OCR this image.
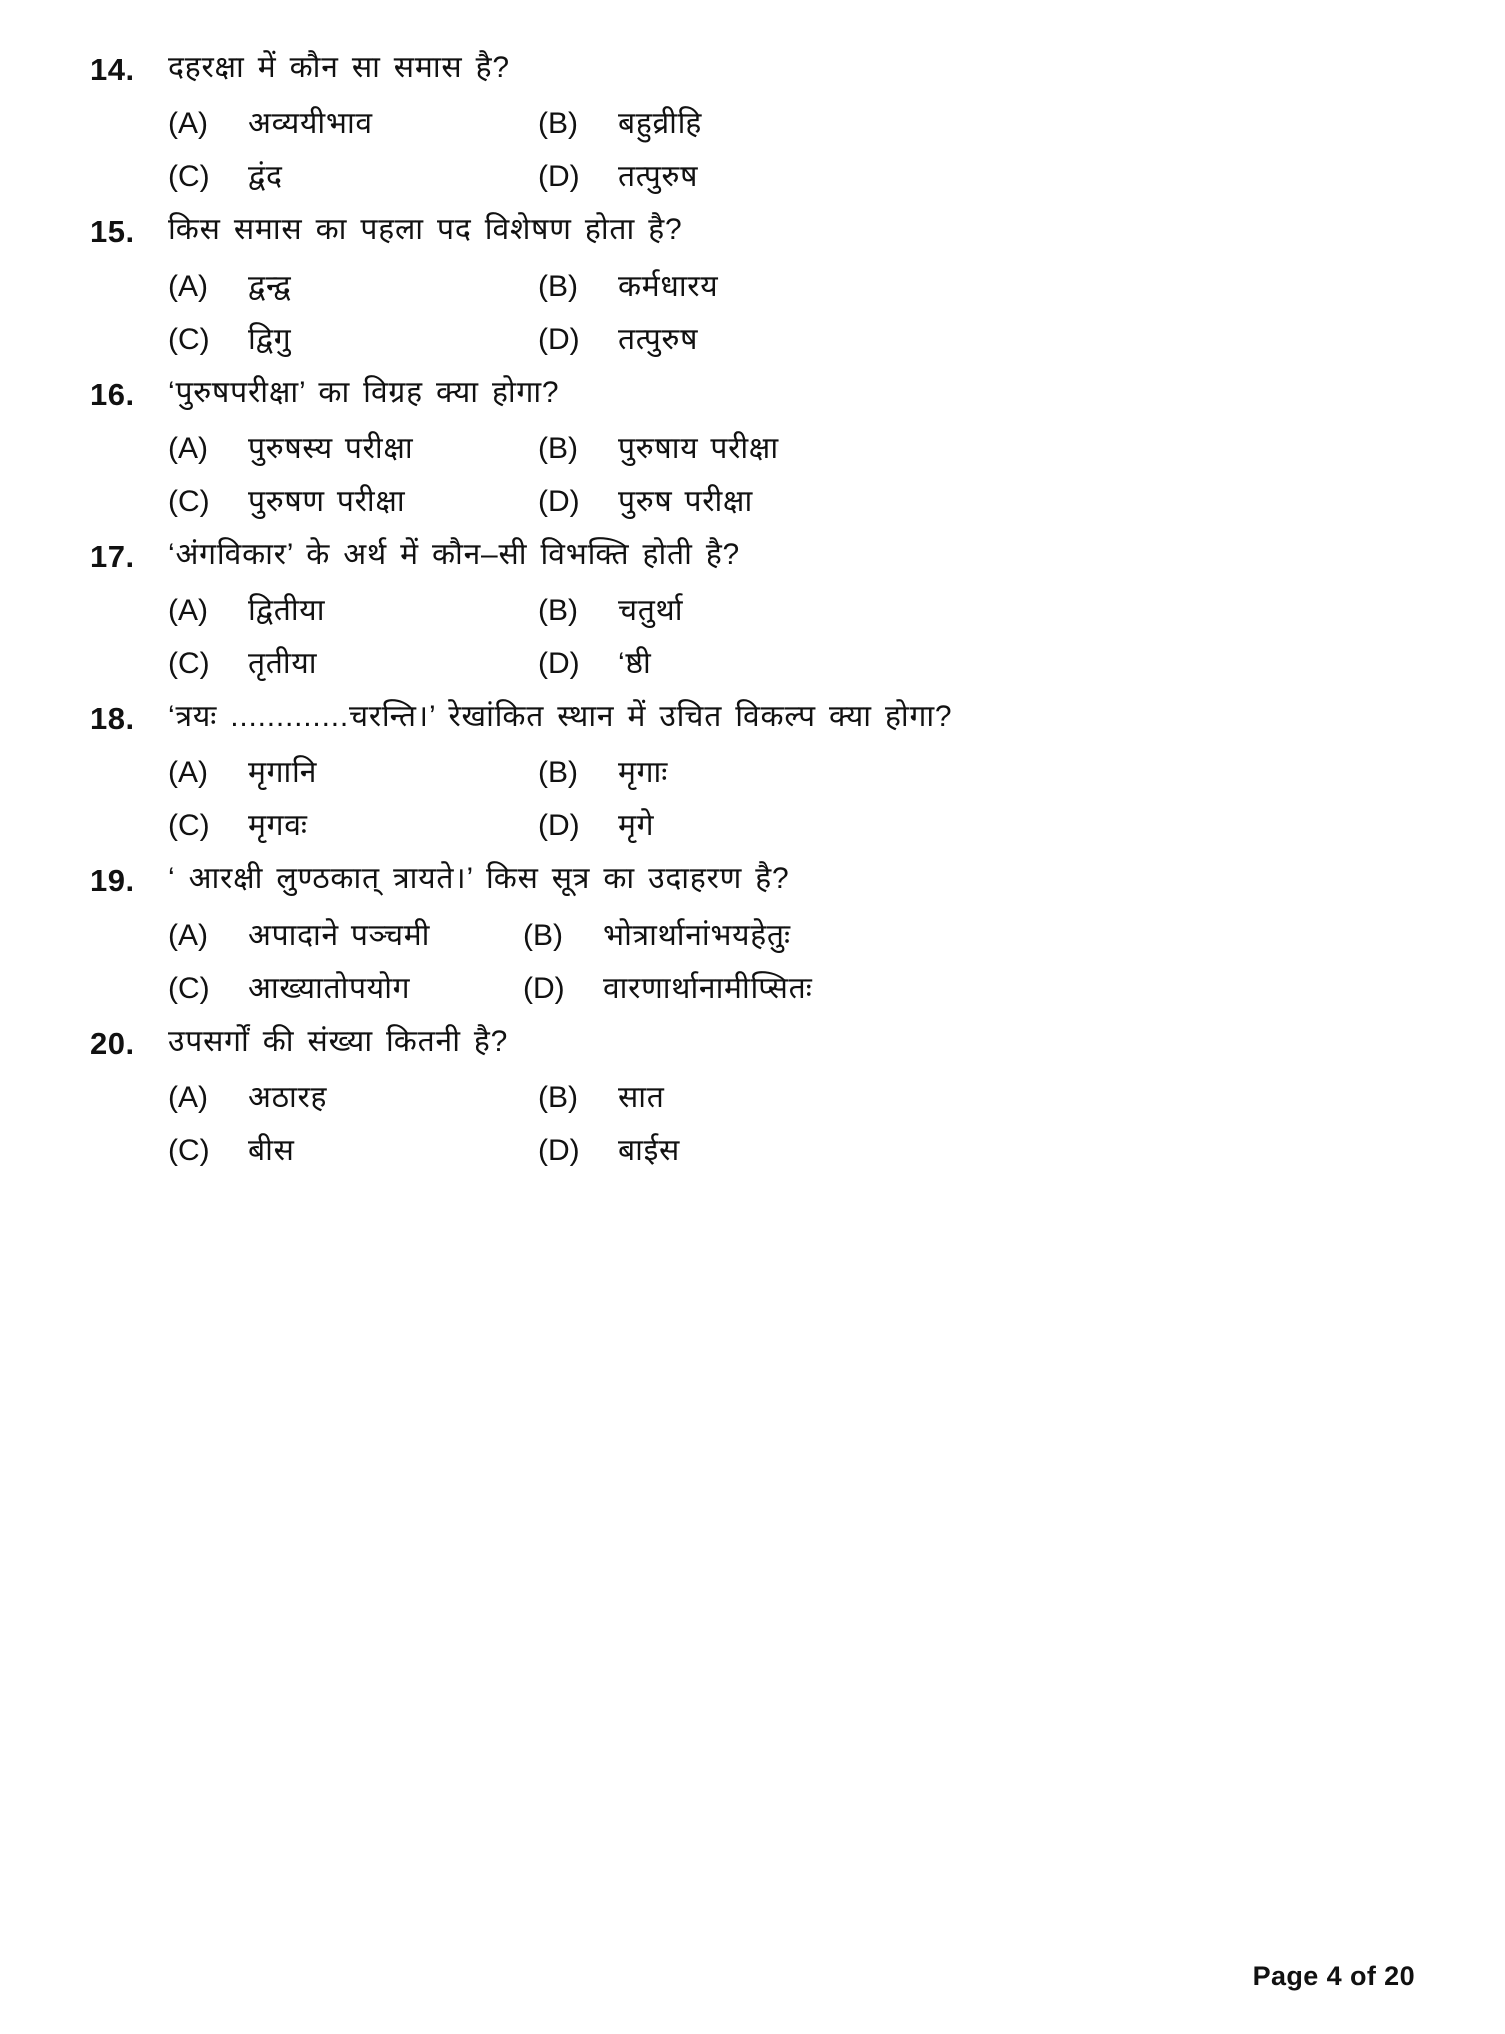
14.	दहरक्षा में कौन सा समास है?
(A)	अव्ययीभाव	(B)	बहुव्रीहि
(C)	द्वंद	(D)	तत्पुरुष
15.	किस समास का पहला पद विशेषण होता है?
(A)	द्वन्द्व	(B)	कर्मधारय
(C)	द्विगु	(D)	तत्पुरुष
16.	‘पुरुषपरीक्षा’ का विग्रह क्या होगा?
(A)	पुरुषस्य परीक्षा	(B)	पुरुषाय परीक्षा
(C)	पुरुषण परीक्षा	(D)	पुरुष परीक्षा
17.	‘अंगविकार’ के अर्थ में कौन–सी विभक्ति होती है?
(A)	द्वितीया	(B)	चतुर्था
(C)	तृतीया	(D)	‘ष्ठी
18.	‘त्रयः .............चरन्ति।’ रेखांकित स्थान में उचित विकल्प क्या होगा?
(A)	मृगानि	(B)	मृगाः
(C)	मृगवः	(D)	मृगे
19.	‘ आरक्षी लुण्ठकात् त्रायते।’ किस सूत्र का उदाहरण है?
(A)	अपादाने पञ्चमी	(B)	भोत्रार्थानांभयहेतुः
(C)	आख्यातोपयोग	(D)	वारणार्थानामीप्सितः
20.	उपसर्गों की संख्या कितनी है?
(A)	अठारह	(B)	सात
(C)	बीस	(D)	बाईस
Page 4 of 20
